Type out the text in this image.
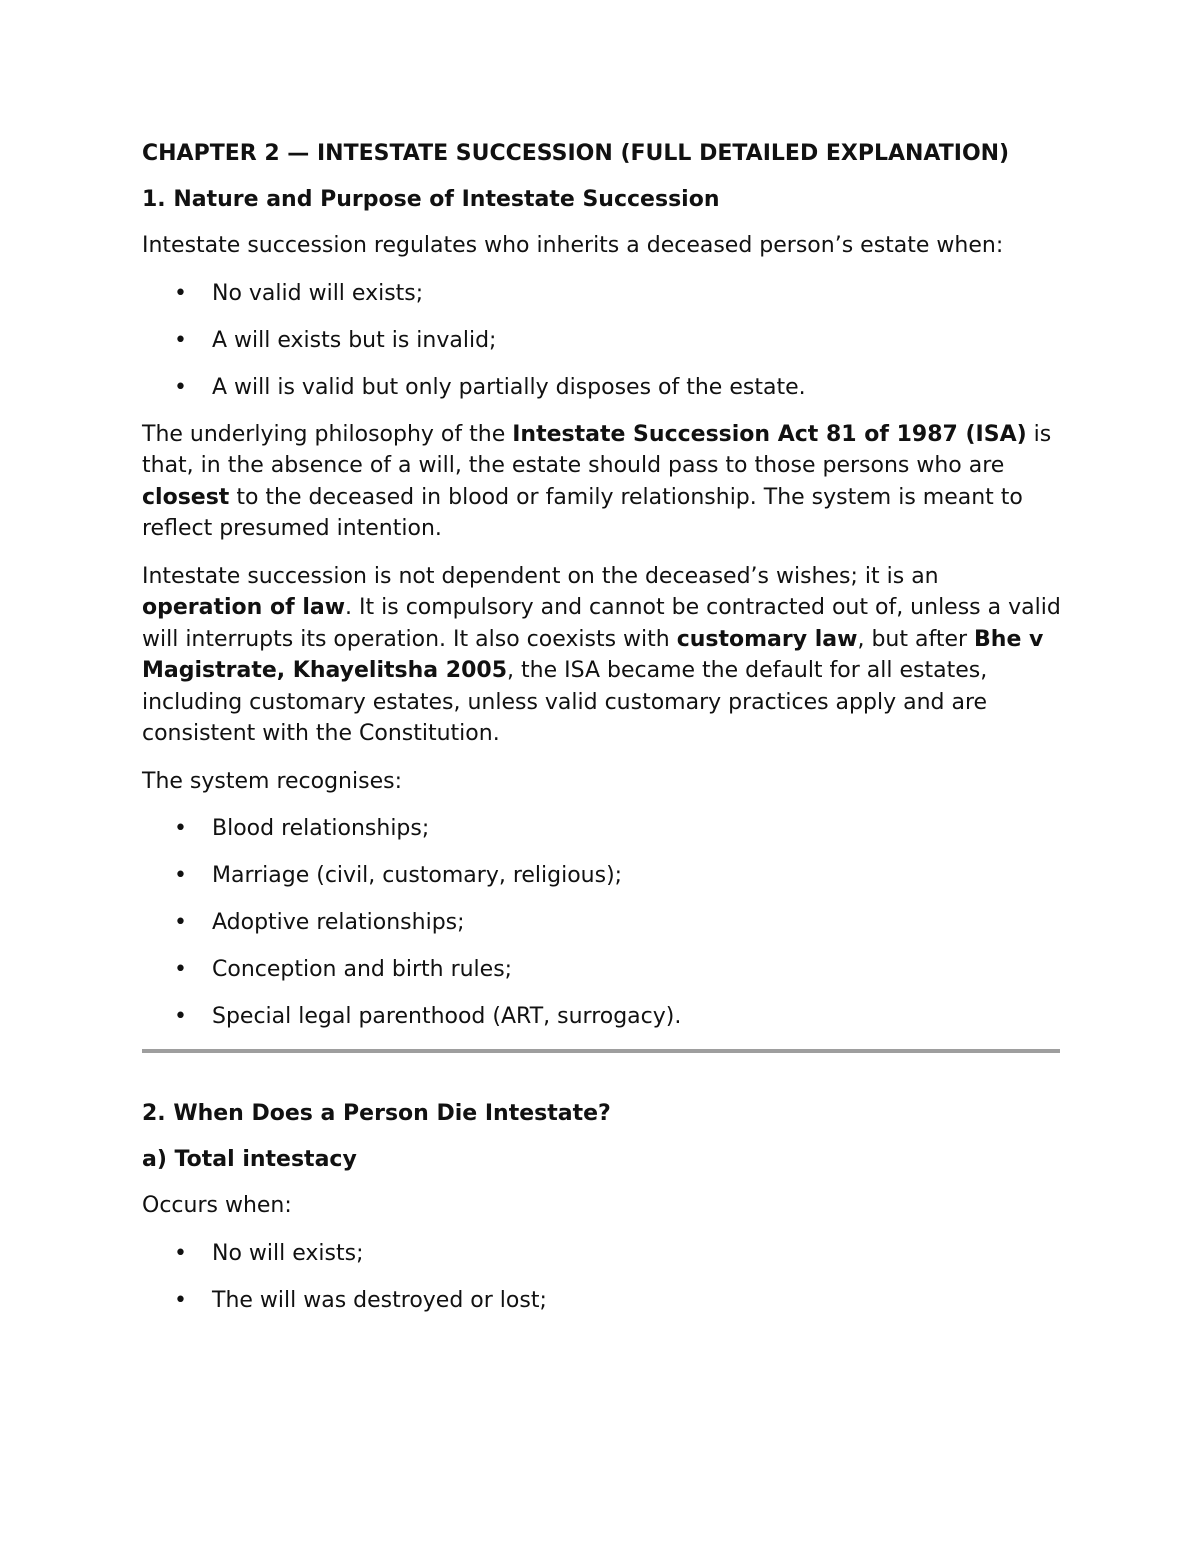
CHAPTER 2 — INTESTATE SUCCESSION (FULL DETAILED EXPLANATION)
1. Nature and Purpose of Intestate Succession

Intestate succession regulates who inherits a deceased person’s estate when:

• No valid will exists;
• A will exists but is invalid;
• A will is valid but only partially disposes of the estate.

The underlying philosophy of the Intestate Succession Act 81 of 1987 (ISA) is that, in the absence of a will, the estate should pass to those persons who are closest to the deceased in blood or family relationship. The system is meant to reflect presumed intention.

Intestate succession is not dependent on the deceased’s wishes; it is an operation of law. It is compulsory and cannot be contracted out of, unless a valid will interrupts its operation. It also coexists with customary law, but after Bhe v Magistrate, Khayelitsha 2005, the ISA became the default for all estates, including customary estates, unless valid customary practices apply and are consistent with the Constitution.

The system recognises:

• Blood relationships;
• Marriage (civil, customary, religious);
• Adoptive relationships;
• Conception and birth rules;
• Special legal parenthood (ART, surrogacy).
2. When Does a Person Die Intestate?
a) Total intestacy

Occurs when:

• No will exists;
• The will was destroyed or lost;
